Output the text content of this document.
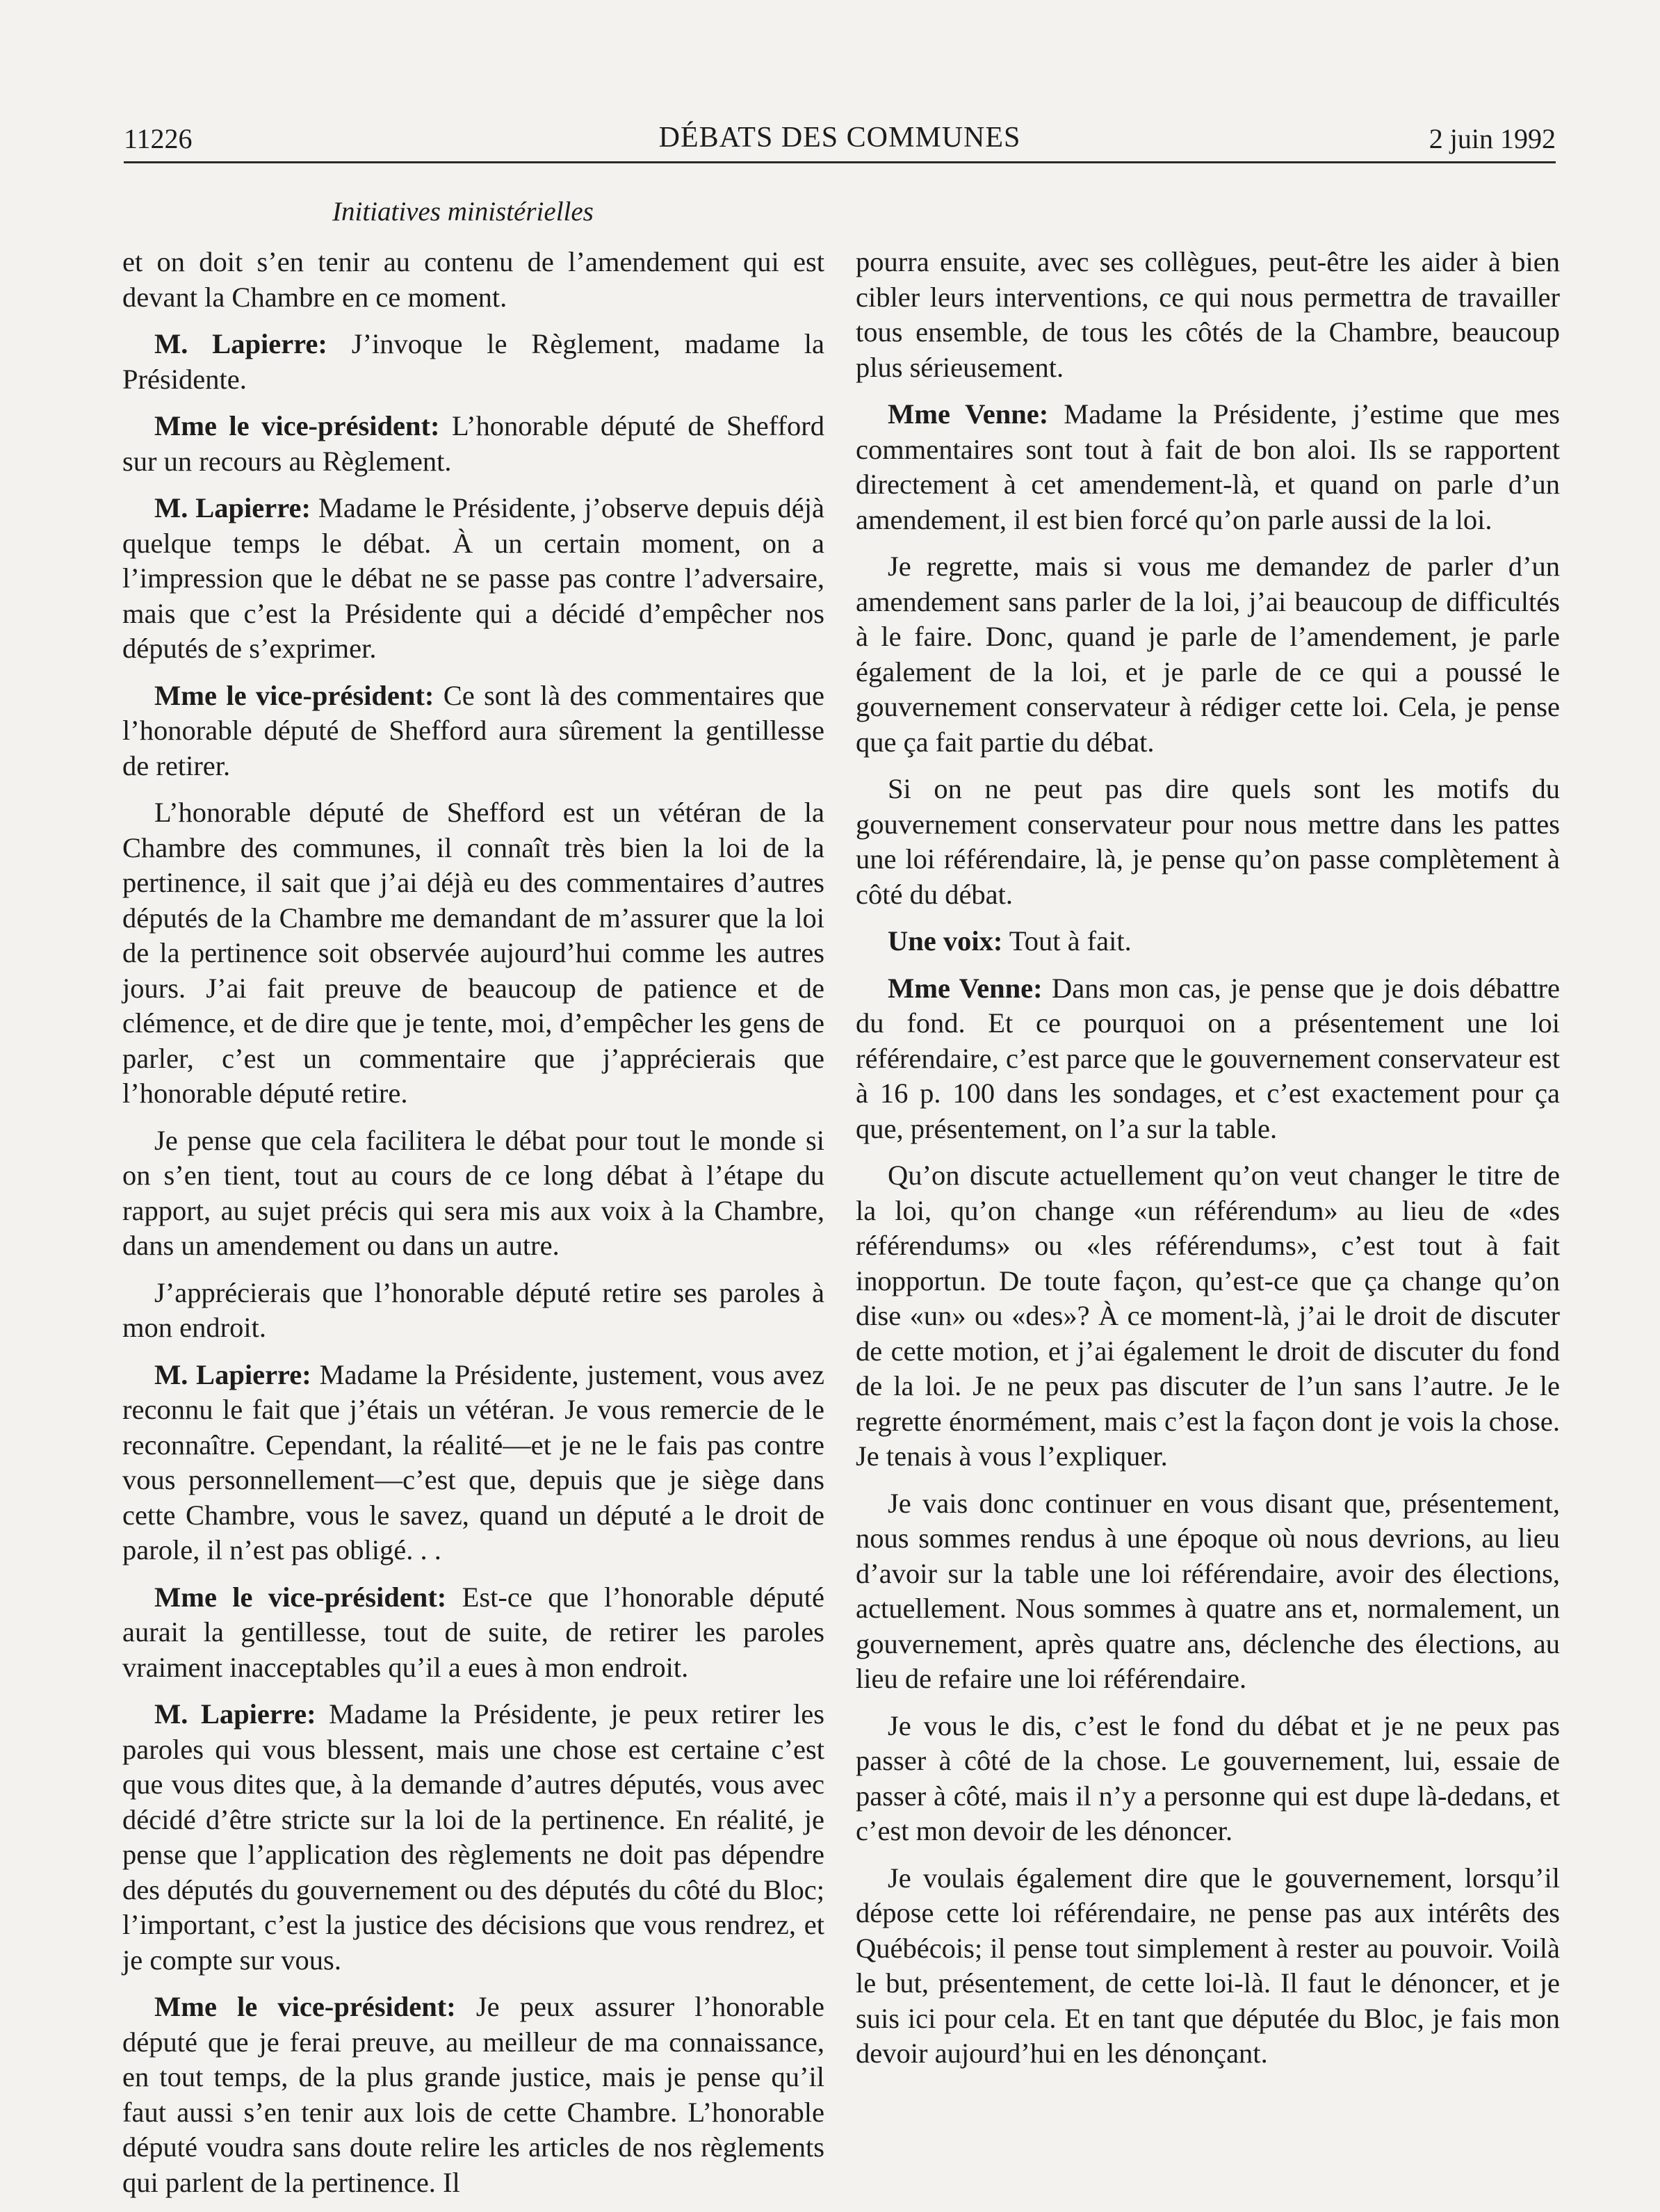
11226	DÉBATS DES COMMUNES	2 juin 1992
Initiatives ministérielles

et on doit s’en tenir au contenu de l’amendement qui est devant la Chambre en ce moment.

M. Lapierre: J’invoque le Règlement, madame la Présidente.

Mme le vice-président: L’honorable député de Shefford sur un recours au Règlement.

M. Lapierre: Madame le Présidente, j’observe depuis déjà quelque temps le débat. À un certain moment, on a l’impression que le débat ne se passe pas contre l’adversaire, mais que c’est la Présidente qui a décidé d’empêcher nos députés de s’exprimer.

Mme le vice-président: Ce sont là des commentaires que l’honorable député de Shefford aura sûrement la gentillesse de retirer.

L’honorable député de Shefford est un vétéran de la Chambre des communes, il connaît très bien la loi de la pertinence, il sait que j’ai déjà eu des commentaires d’autres députés de la Chambre me demandant de m’assurer que la loi de la pertinence soit observée aujourd’hui comme les autres jours. J’ai fait preuve de beaucoup de patience et de clémence, et de dire que je tente, moi, d’empêcher les gens de parler, c’est un commentaire que j’apprécierais que l’honorable député retire.

Je pense que cela facilitera le débat pour tout le monde si on s’en tient, tout au cours de ce long débat à l’étape du rapport, au sujet précis qui sera mis aux voix à la Chambre, dans un amendement ou dans un autre.

J’apprécierais que l’honorable député retire ses paroles à mon endroit.

M. Lapierre: Madame la Présidente, justement, vous avez reconnu le fait que j’étais un vétéran. Je vous remercie de le reconnaître. Cependant, la réalité—et je ne le fais pas contre vous personnellement—c’est que, depuis que je siège dans cette Chambre, vous le savez, quand un député a le droit de parole, il n’est pas obligé. . .

Mme le vice-président: Est-ce que l’honorable député aurait la gentillesse, tout de suite, de retirer les paroles vraiment inacceptables qu’il a eues à mon endroit.

M. Lapierre: Madame la Présidente, je peux retirer les paroles qui vous blessent, mais une chose est certaine c’est que vous dites que, à la demande d’autres députés, vous avec décidé d’être stricte sur la loi de la pertinence. En réalité, je pense que l’application des règlements ne doit pas dépendre des députés du gouvernement ou des députés du côté du Bloc; l’important, c’est la justice des décisions que vous rendrez, et je compte sur vous.

Mme le vice-président: Je peux assurer l’honorable député que je ferai preuve, au meilleur de ma connaissance, en tout temps, de la plus grande justice, mais je pense qu’il faut aussi s’en tenir aux lois de cette Chambre. L’honorable député voudra sans doute relire les articles de nos règlements qui parlent de la pertinence. Il

pourra ensuite, avec ses collègues, peut-être les aider à bien cibler leurs interventions, ce qui nous permettra de travailler tous ensemble, de tous les côtés de la Chambre, beaucoup plus sérieusement.

Mme Venne: Madame la Présidente, j’estime que mes commentaires sont tout à fait de bon aloi. Ils se rapportent directement à cet amendement-là, et quand on parle d’un amendement, il est bien forcé qu’on parle aussi de la loi.

Je regrette, mais si vous me demandez de parler d’un amendement sans parler de la loi, j’ai beaucoup de difficultés à le faire. Donc, quand je parle de l’amendement, je parle également de la loi, et je parle de ce qui a poussé le gouvernement conservateur à rédiger cette loi. Cela, je pense que ça fait partie du débat.

Si on ne peut pas dire quels sont les motifs du gouvernement conservateur pour nous mettre dans les pattes une loi référendaire, là, je pense qu’on passe complètement à côté du débat.

Une voix: Tout à fait.

Mme Venne: Dans mon cas, je pense que je dois débattre du fond. Et ce pourquoi on a présentement une loi référendaire, c’est parce que le gouvernement conservateur est à 16 p. 100 dans les sondages, et c’est exactement pour ça que, présentement, on l’a sur la table.

Qu’on discute actuellement qu’on veut changer le titre de la loi, qu’on change «un référendum» au lieu de «des référendums» ou «les référendums», c’est tout à fait inopportun. De toute façon, qu’est-ce que ça change qu’on dise «un» ou «des»? À ce moment-là, j’ai le droit de discuter de cette motion, et j’ai également le droit de discuter du fond de la loi. Je ne peux pas discuter de l’un sans l’autre. Je le regrette énormément, mais c’est la façon dont je vois la chose. Je tenais à vous l’expliquer.

Je vais donc continuer en vous disant que, présentement, nous sommes rendus à une époque où nous devrions, au lieu d’avoir sur la table une loi référendaire, avoir des élections, actuellement. Nous sommes à quatre ans et, normalement, un gouvernement, après quatre ans, déclenche des élections, au lieu de refaire une loi référendaire.

Je vous le dis, c’est le fond du débat et je ne peux pas passer à côté de la chose. Le gouvernement, lui, essaie de passer à côté, mais il n’y a personne qui est dupe là-dedans, et c’est mon devoir de les dénoncer.

Je voulais également dire que le gouvernement, lorsqu’il dépose cette loi référendaire, ne pense pas aux intérêts des Québécois; il pense tout simplement à rester au pouvoir. Voilà le but, présentement, de cette loi-là. Il faut le dénoncer, et je suis ici pour cela. Et en tant que députée du Bloc, je fais mon devoir aujourd’hui en les dénonçant.
